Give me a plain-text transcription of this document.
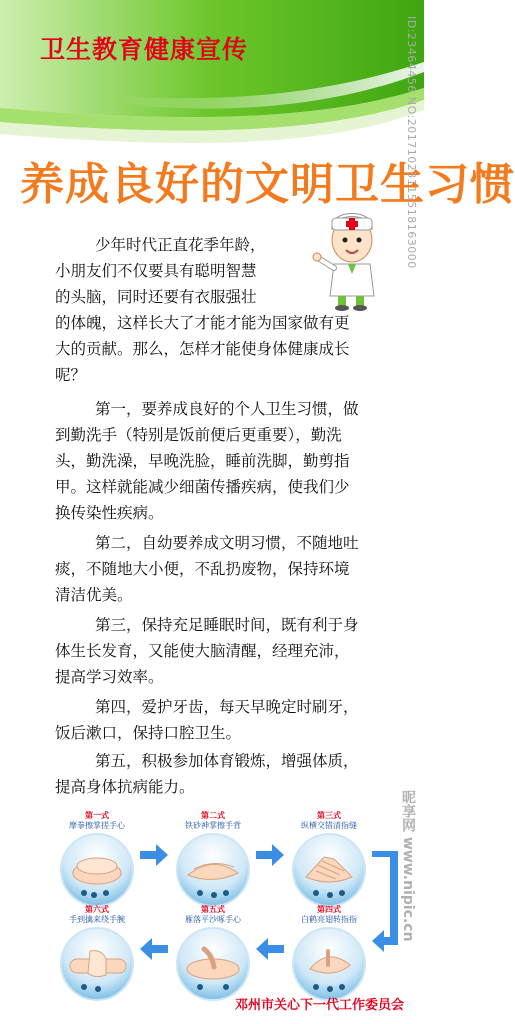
卫生教育健康宣传
养成良好的文明卫生习惯
ID:23464456 NO:20171023115518163000
少年时代正直花季年龄，
小朋友们不仅要具有聪明智慧
的头脑，同时还要有衣服强壮
的体魄，这样长大了才能才能为国家做有更
大的贡献。那么，怎样才能使身体健康成长
呢？
第一，要养成良好的个人卫生习惯，做
到勤洗手（特别是饭前便后更重要），勤洗
头，勤洗澡，早晚洗脸，睡前洗脚，勤剪指
甲。这样就能减少细菌传播疾病，使我们少
换传染性疾病。
第二，自幼要养成文明习惯，不随地吐
痰，不随地大小便，不乱扔废物，保持环境
清洁优美。
第三，保持充足睡眠时间，既有利于身
体生长发育，又能使大脑清醒，经理充沛，
提高学习效率。
第四，爱护牙齿，每天早晚定时刷牙，
饭后漱口，保持口腔卫生。
第五，积极参加体育锻炼，增强体质，
提高身体抗病能力。
昵享网 www.nipic.cn
第一式
摩拳擦掌搓手心
第二式
铁砂神掌擦手背
第三式
纵横交错清指缝
第六式
手到擒来绕手腕
第五式
雁落平沙啄手心
第四式
白鹤亮翅转指指
邓州市关心下一代工作委员会
